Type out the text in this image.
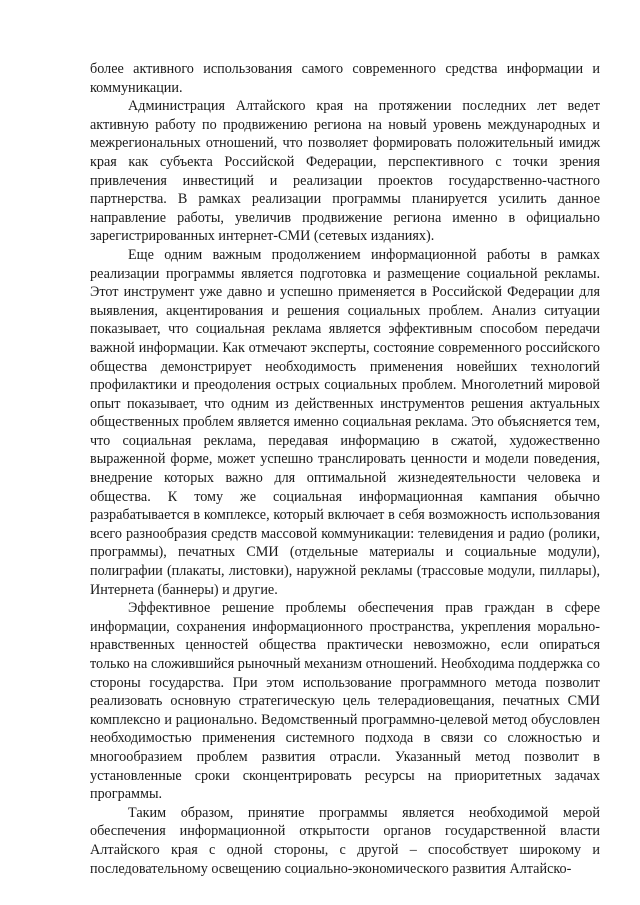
более активного использования самого современного средства информации и коммуникации.

Администрация Алтайского края на протяжении последних лет ведет активную работу по продвижению региона на новый уровень международных и межрегиональных отношений, что позволяет формировать положительный имидж края как субъекта Российской Федерации, перспективного с точки зрения привлечения инвестиций и реализации проектов государственно-частного партнерства. В рамках реализации программы планируется усилить данное направление работы, увеличив продвижение региона именно в официально зарегистрированных интернет-СМИ (сетевых изданиях).

Еще одним важным продолжением информационной работы в рамках реализации программы является подготовка и размещение социальной рекламы. Этот инструмент уже давно и успешно применяется в Российской Федерации для выявления, акцентирования и решения социальных проблем. Анализ ситуации показывает, что социальная реклама является эффективным способом передачи важной информации. Как отмечают эксперты, состояние современного российского общества демонстрирует необходимость применения новейших технологий профилактики и преодоления острых социальных проблем. Многолетний мировой опыт показывает, что одним из действенных инструментов решения актуальных общественных проблем является именно социальная реклама. Это объясняется тем, что социальная реклама, передавая информацию в сжатой, художественно выраженной форме, может успешно транслировать ценности и модели поведения, внедрение которых важно для оптимальной жизнедеятельности человека и общества. К тому же социальная информационная кампания обычно разрабатывается в комплексе, который включает в себя возможность использования всего разнообразия средств массовой коммуникации: телевидения и радио (ролики, программы), печатных СМИ (отдельные материалы и социальные модули), полиграфии (плакаты, листовки), наружной рекламы (трассовые модули, пиллары), Интернета (баннеры) и другие.

Эффективное решение проблемы обеспечения прав граждан в сфере информации, сохранения информационного пространства, укрепления морально-нравственных ценностей общества практически невозможно, если опираться только на сложившийся рыночный механизм отношений. Необходима поддержка со стороны государства. При этом использование программного метода позволит реализовать основную стратегическую цель телерадиовещания, печатных СМИ комплексно и рационально. Ведомственный программно-целевой метод обусловлен необходимостью применения системного подхода в связи со сложностью и многообразием проблем развития отрасли. Указанный метод позволит в установленные сроки сконцентрировать ресурсы на приоритетных задачах программы.

Таким образом, принятие программы является необходимой мерой обеспечения информационной открытости органов государственной власти Алтайского края с одной стороны, с другой – способствует широкому и последовательному освещению социально-экономического развития Алтайско-
